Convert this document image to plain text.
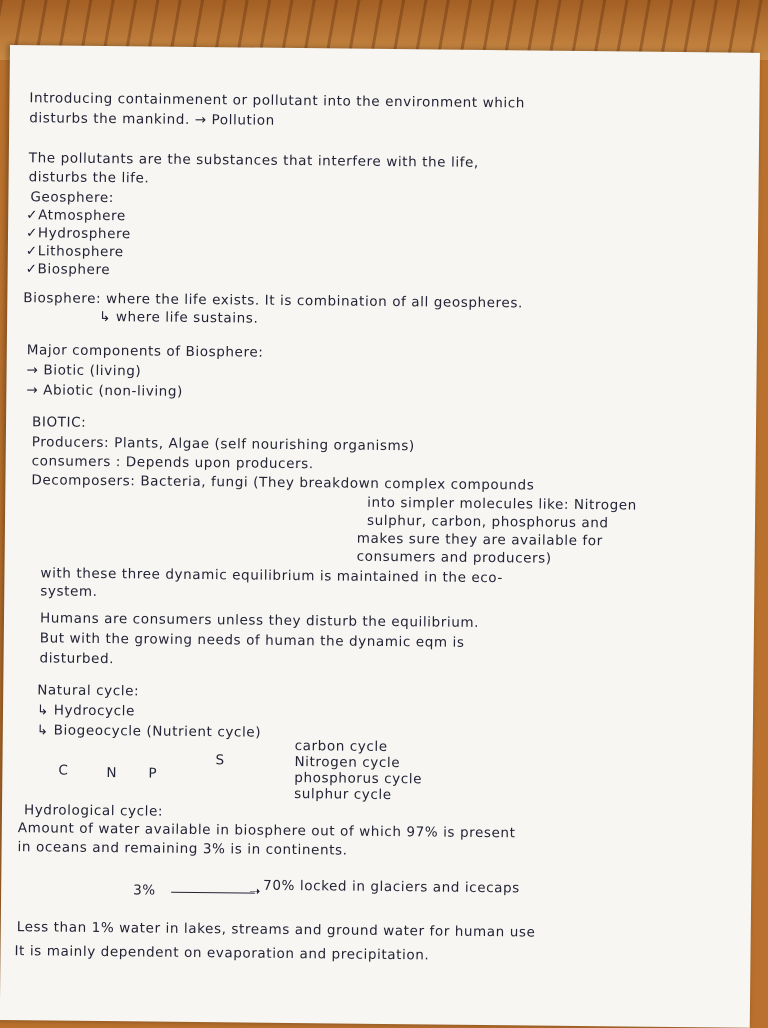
Introducing containmenent or pollutant into the environment which
disturbs the mankind. → Pollution
The pollutants are the substances that interfere with the life,
disturbs the life.
Geosphere:
✓Atmosphere
✓Hydrosphere
✓Lithosphere
✓Biosphere
Biosphere: where the life exists. It is combination of all geospheres.
↳ where life sustains.
Major components of Biosphere:
→ Biotic (living)
→ Abiotic (non-living)
BIOTIC:
Producers: Plants, Algae (self nourishing organisms)
consumers : Depends upon producers.
Decomposers: Bacteria, fungi (They breakdown complex compounds
into simpler molecules like: Nitrogen
sulphur, carbon, phosphorus and
makes sure they are available for
consumers and producers)
with these three dynamic equilibrium is maintained in the eco-
system.
Humans are consumers unless they disturb the equilibrium.
But with the growing needs of human the dynamic eqm is
disturbed.
Natural cycle:
↳ Hydrocycle
↳ Biogeocycle (Nutrient cycle)
C	N P
S
carbon cycle
Nitrogen cycle
phosphorus cycle
sulphur cycle
Hydrological cycle:
Amount of water available in biosphere out of which 97% is present
in oceans and remaining 3% is in continents.
3%	➝ 70% locked in glaciers and icecaps
Less than 1% water in lakes, streams and ground water for human use
It is mainly dependent on evaporation and precipitation.
